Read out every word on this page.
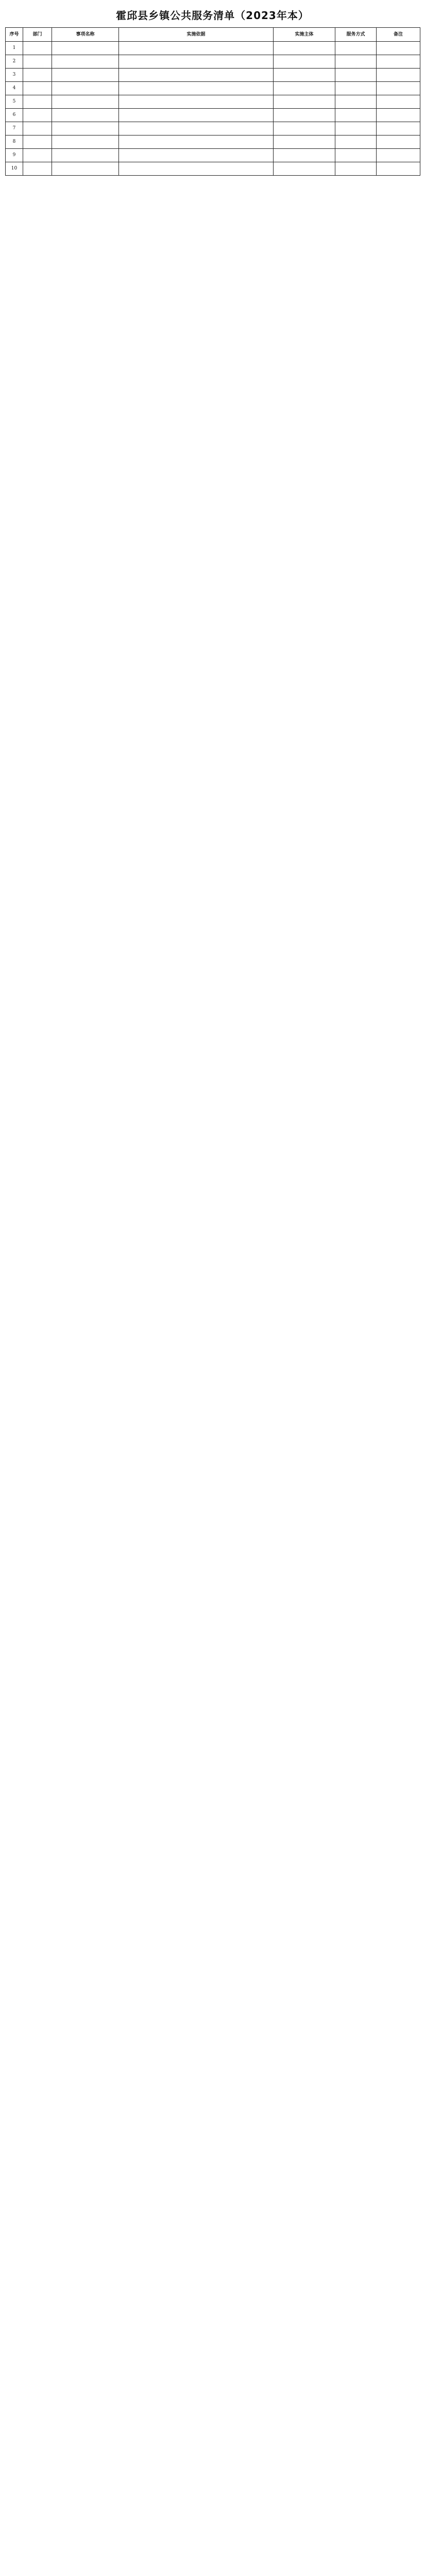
霍邱县乡镇公共服务清单（2023年本）
序号	部门	事项名称	实施依据	实施主体	服务方式	备注
1						
2						
3						
4						
5						
6						
7						
8						
9						
10						
